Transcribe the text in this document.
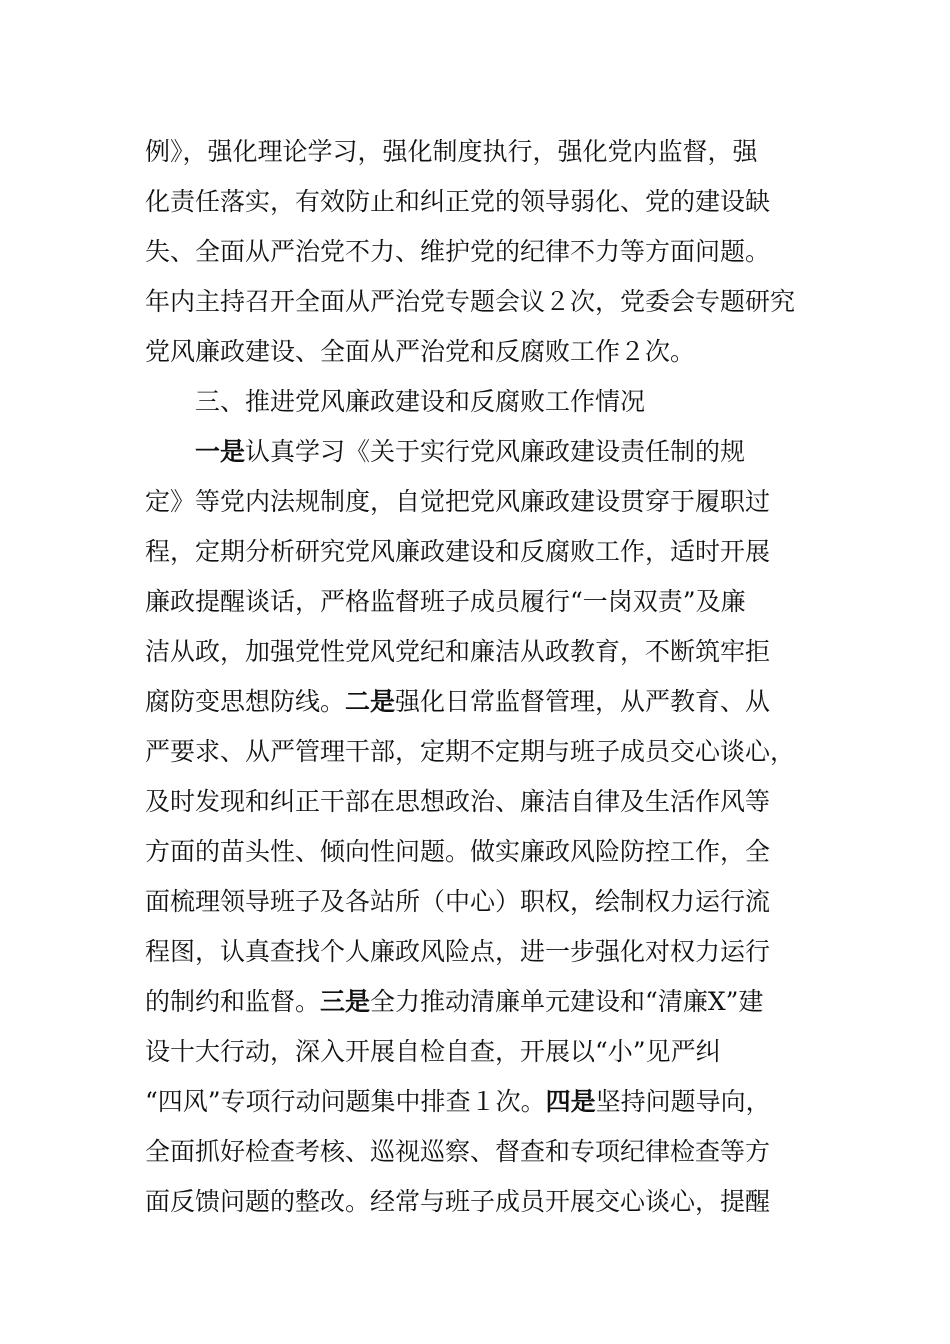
例》，强化理论学习，强化制度执行，强化党内监督，强
化责任落实，有效防止和纠正党的领导弱化、党的建设缺
失、全面从严治党不力、维护党的纪律不力等方面问题。
年内主持召开全面从严治党专题会议２次，党委会专题研究
党风廉政建设、全面从严治党和反腐败工作２次。
三、推进党风廉政建设和反腐败工作情况
一是认真学习《关于实行党风廉政建设责任制的规
定》等党内法规制度，自觉把党风廉政建设贯穿于履职过
程，定期分析研究党风廉政建设和反腐败工作，适时开展
廉政提醒谈话，严格监督班子成员履行“一岗双责”及廉
洁从政，加强党性党风党纪和廉洁从政教育，不断筑牢拒
腐防变思想防线。二是强化日常监督管理，从严教育、从
严要求、从严管理干部，定期不定期与班子成员交心谈心，
及时发现和纠正干部在思想政治、廉洁自律及生活作风等
方面的苗头性、倾向性问题。做实廉政风险防控工作，全
面梳理领导班子及各站所（中心）职权，绘制权力运行流
程图，认真查找个人廉政风险点，进一步强化对权力运行
的制约和监督。三是全力推动清廉单元建设和“清廉X”建
设十大行动，深入开展自检自查，开展以“小”见严纠
“四风”专项行动问题集中排查１次。四是坚持问题导向，
全面抓好检查考核、巡视巡察、督查和专项纪律检查等方
面反馈问题的整改。经常与班子成员开展交心谈心，提醒
